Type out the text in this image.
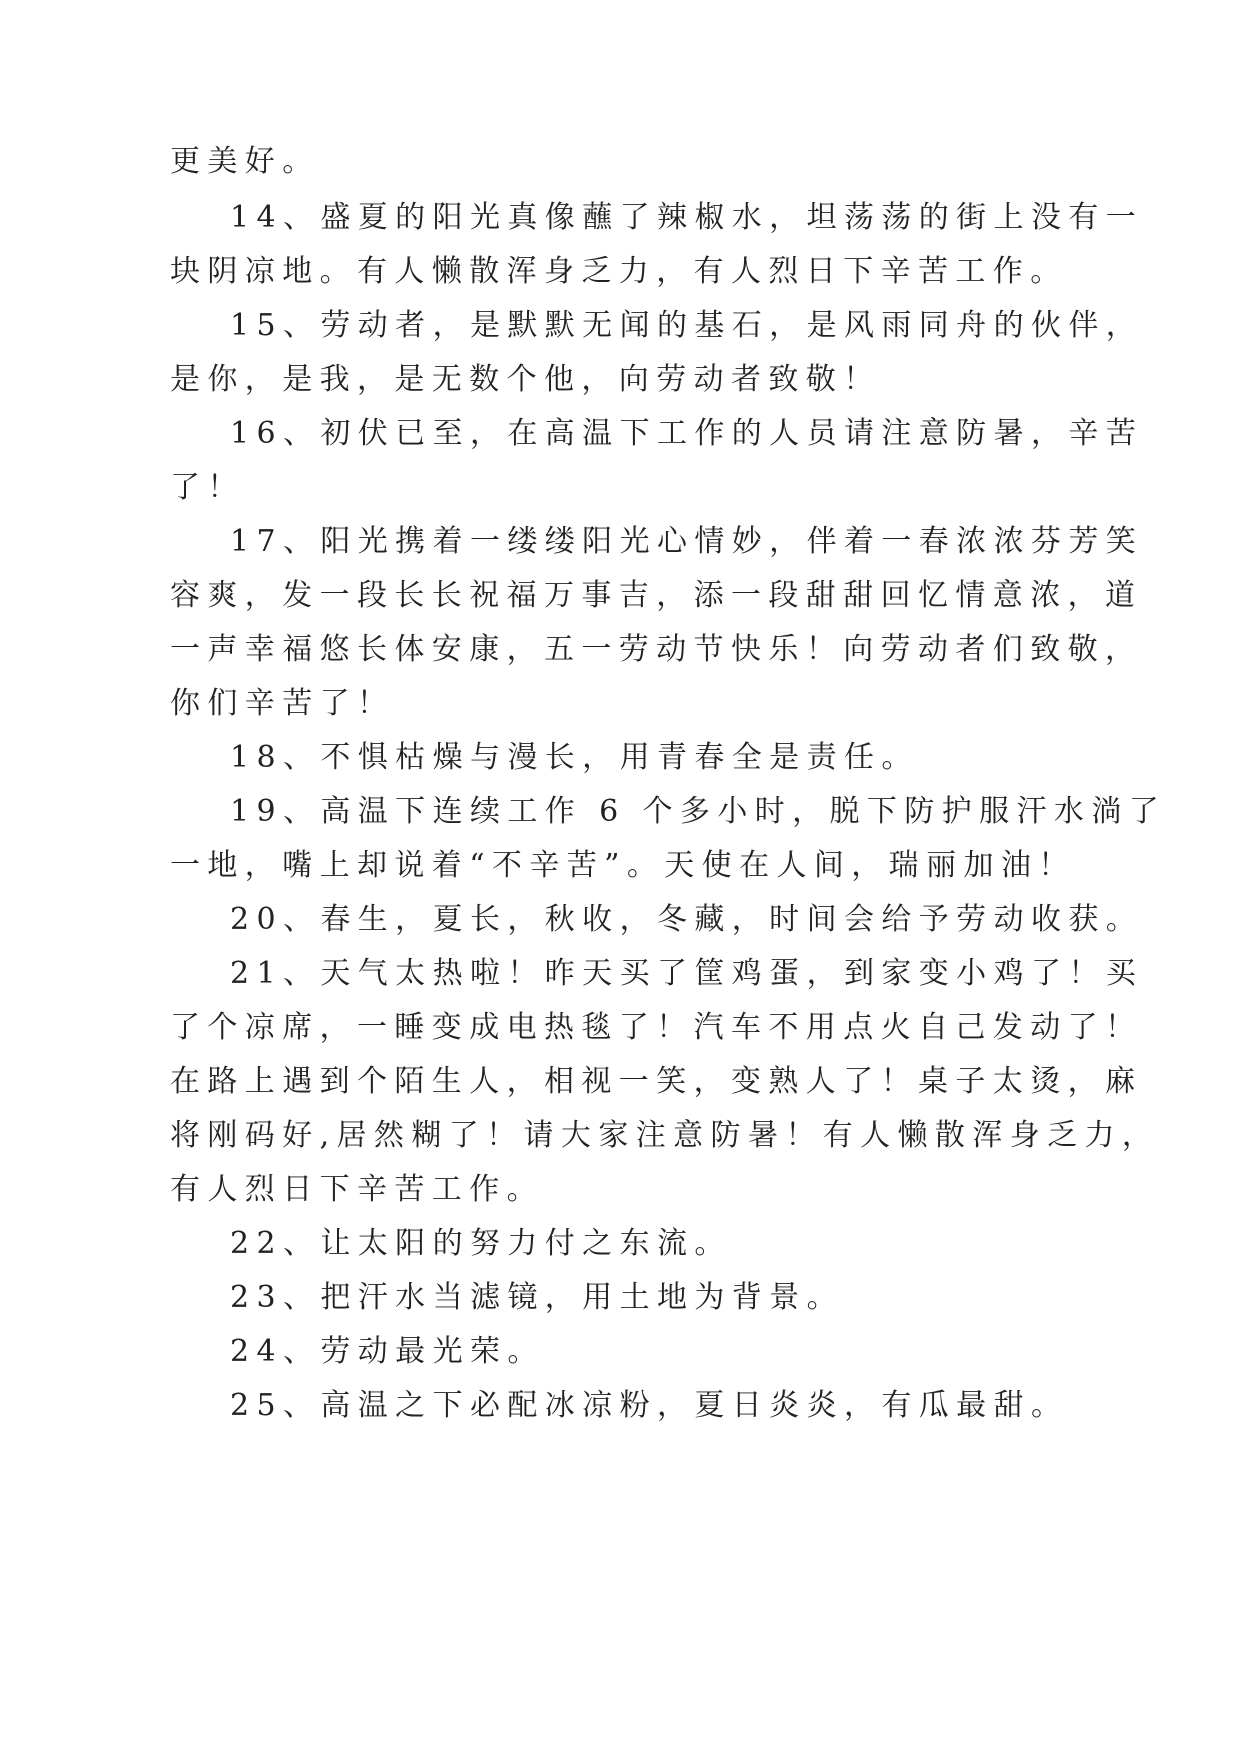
更美好。
14、盛夏的阳光真像蘸了辣椒水，坦荡荡的街上没有一
块阴凉地。有人懒散浑身乏力，有人烈日下辛苦工作。
15、劳动者，是默默无闻的基石，是风雨同舟的伙伴，
是你，是我，是无数个他，向劳动者致敬！
16、初伏已至，在高温下工作的人员请注意防暑，辛苦
了！
17、阳光携着一缕缕阳光心情妙，伴着一春浓浓芬芳笑
容爽，发一段长长祝福万事吉，添一段甜甜回忆情意浓，道
一声幸福悠长体安康，五一劳动节快乐！向劳动者们致敬，
你们辛苦了！
18、不惧枯燥与漫长，用青春全是责任。
19、高温下连续工作 6 个多小时，脱下防护服汗水淌了
一地，嘴上却说着“不辛苦”。天使在人间，瑞丽加油！
20、春生，夏长，秋收，冬藏，时间会给予劳动收获。
21、天气太热啦！昨天买了筐鸡蛋，到家变小鸡了！买
了个凉席，一睡变成电热毯了！汽车不用点火自己发动了！
在路上遇到个陌生人，相视一笑，变熟人了！桌子太烫，麻
将刚码好,居然糊了！请大家注意防暑！有人懒散浑身乏力，
有人烈日下辛苦工作。
22、让太阳的努力付之东流。
23、把汗水当滤镜，用土地为背景。
24、劳动最光荣。
25、高温之下必配冰凉粉，夏日炎炎，有瓜最甜。
